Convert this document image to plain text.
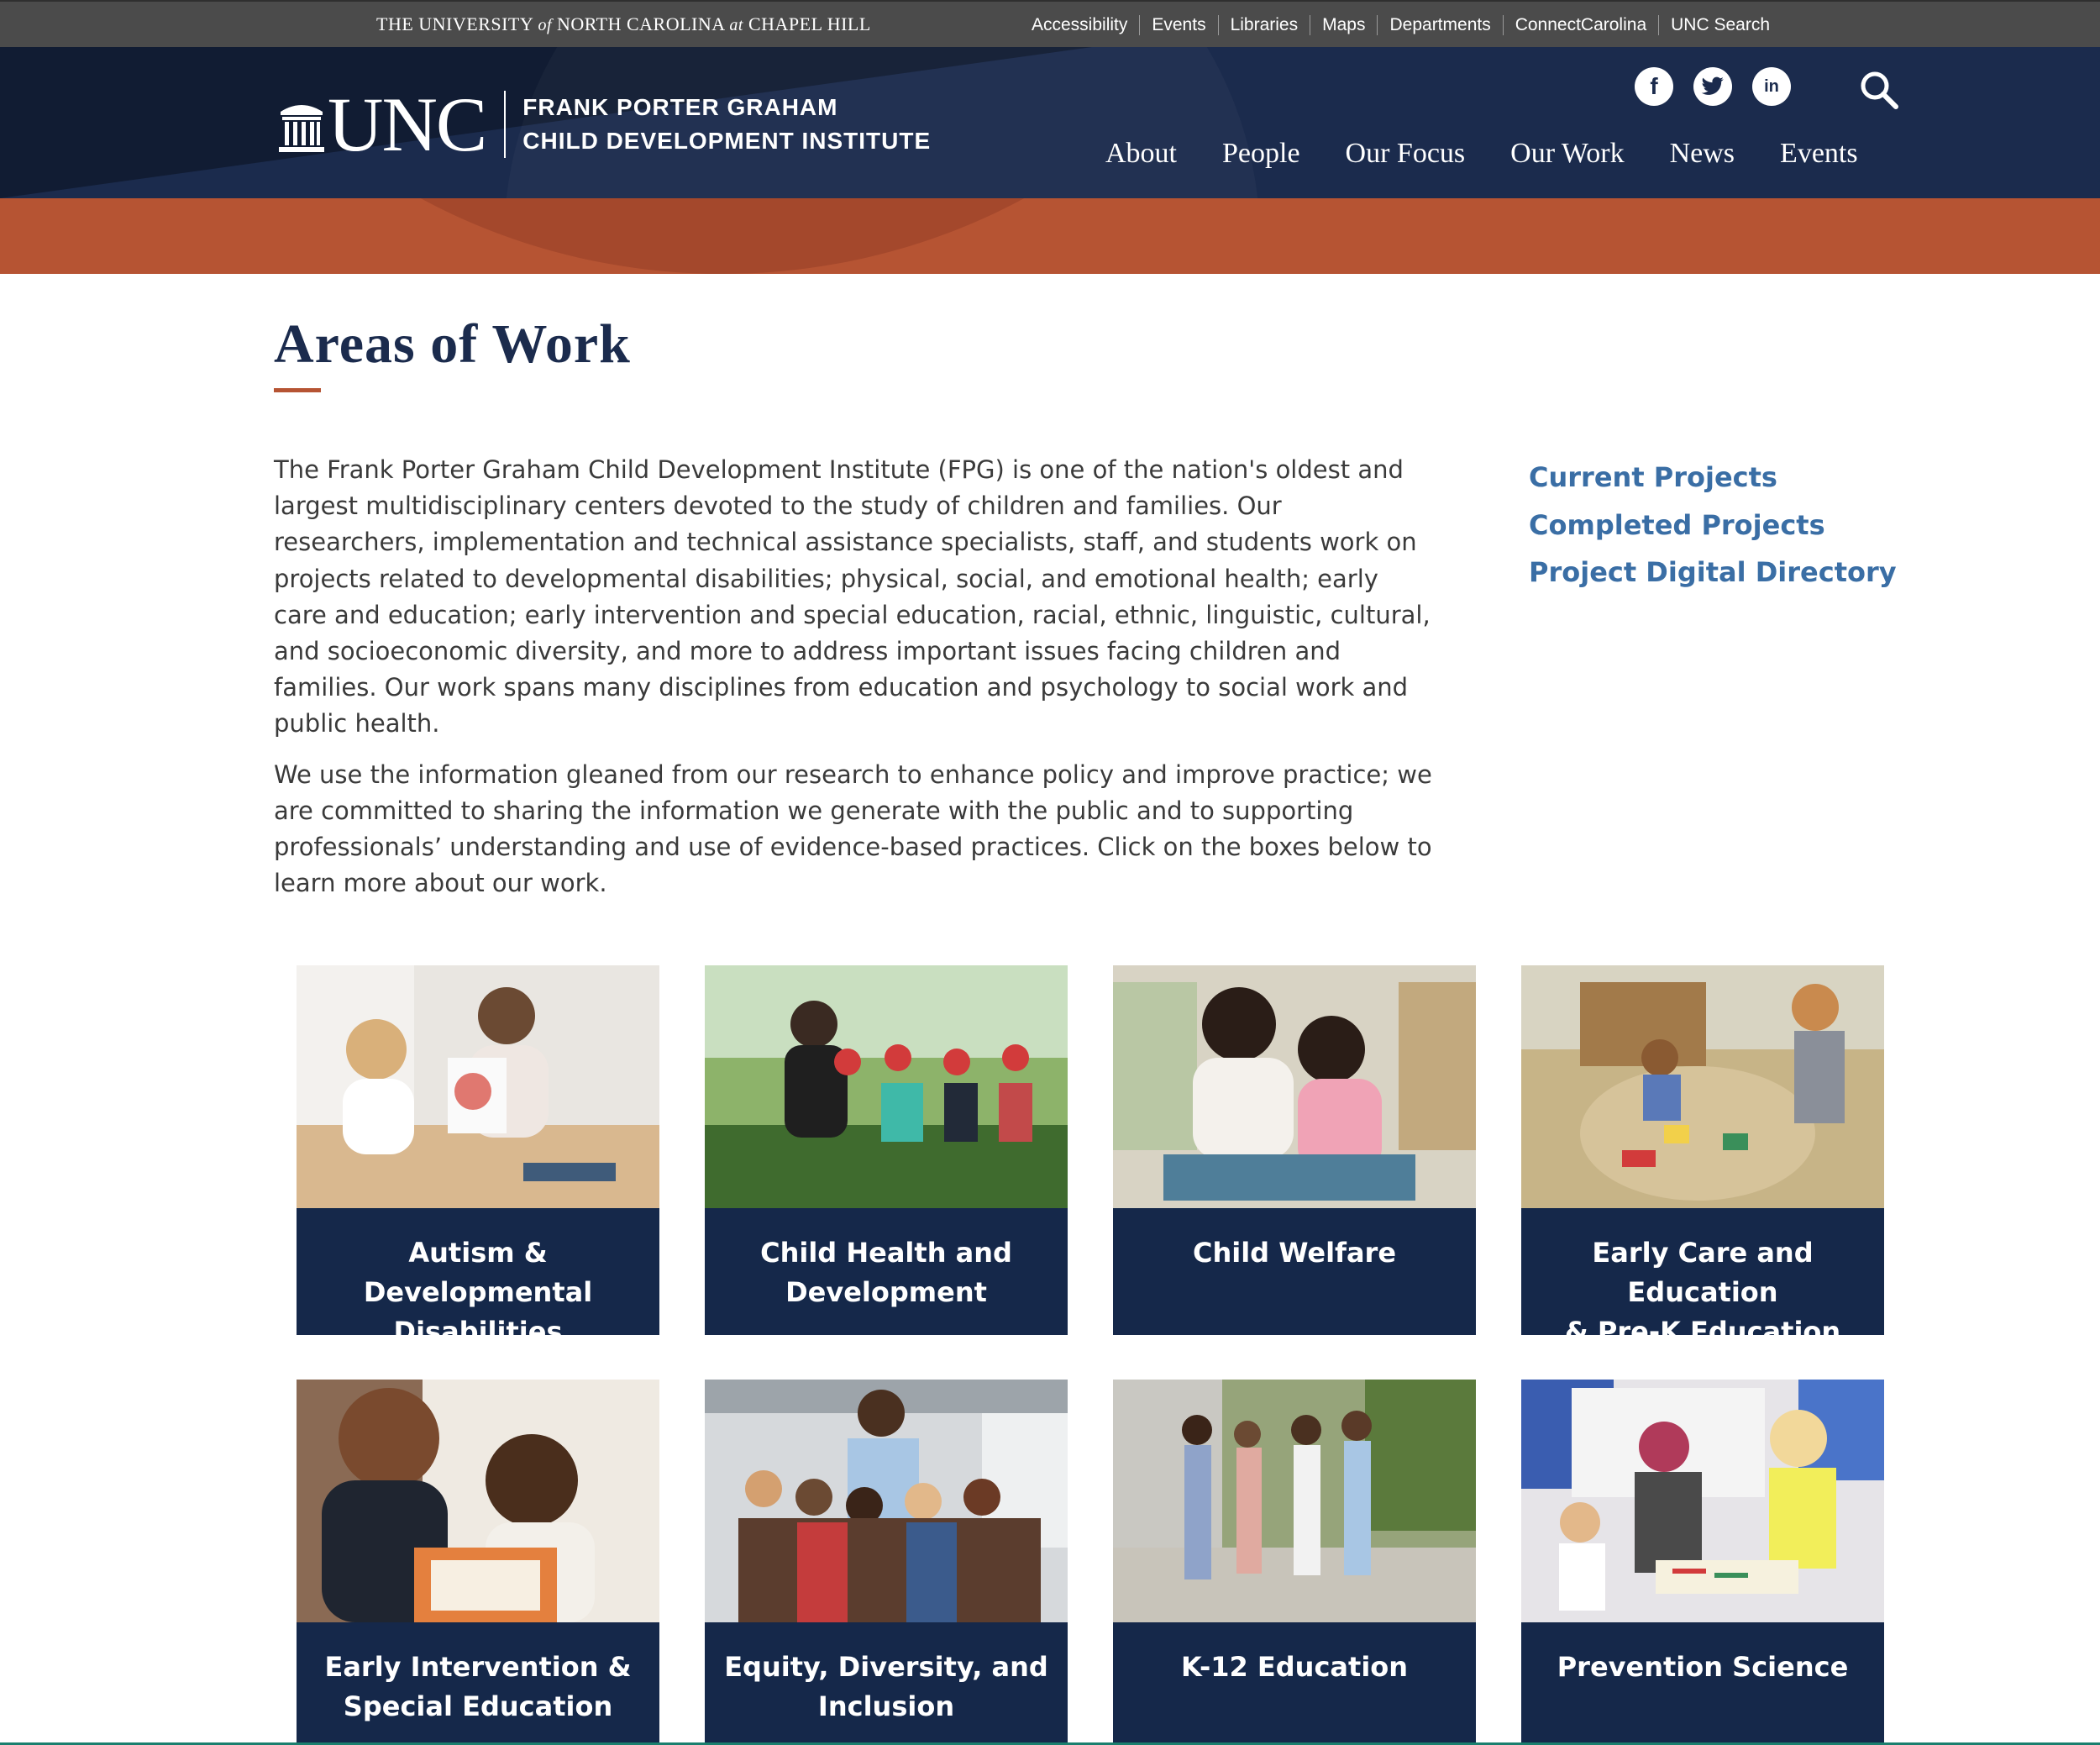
THE UNIVERSITY of NORTH CAROLINA at CHAPEL HILL	Accessibility	Events	Libraries	Maps	Departments	ConnectCarolina	UNC Search
UNC FRANK PORTER GRAHAM
CHILD DEVELOPMENT INSTITUTE
f	in
About People Our Focus Our Work News Events
Areas of Work

The Frank Porter Graham Child Development Institute (FPG) is one of the nation's oldest and largest multidisciplinary centers devoted to the study of children and families. Our researchers, implementation and technical assistance specialists, staff, and students work on projects related to developmental disabilities; physical, social, and emotional health; early care and education; early intervention and special education, racial, ethnic, linguistic, cultural, and socioeconomic diversity, and more to address important issues facing children and families. Our work spans many disciplines from education and psychology to social work and public health.

We use the information gleaned from our research to enhance policy and improve practice; we are committed to sharing the information we generate with the public and to supporting professionals’ understanding and use of evidence-based practices. Click on the boxes below to learn more about our work.

Current Projects
Completed Projects
Project Digital Directory
Autism & Developmental
Disabilities
Child Health and
Development
Child Welfare	Early Care and Education
& Pre-K Education
Early Intervention &
Special Education
Equity, Diversity, and
Inclusion
K-12 Education	Prevention Science
